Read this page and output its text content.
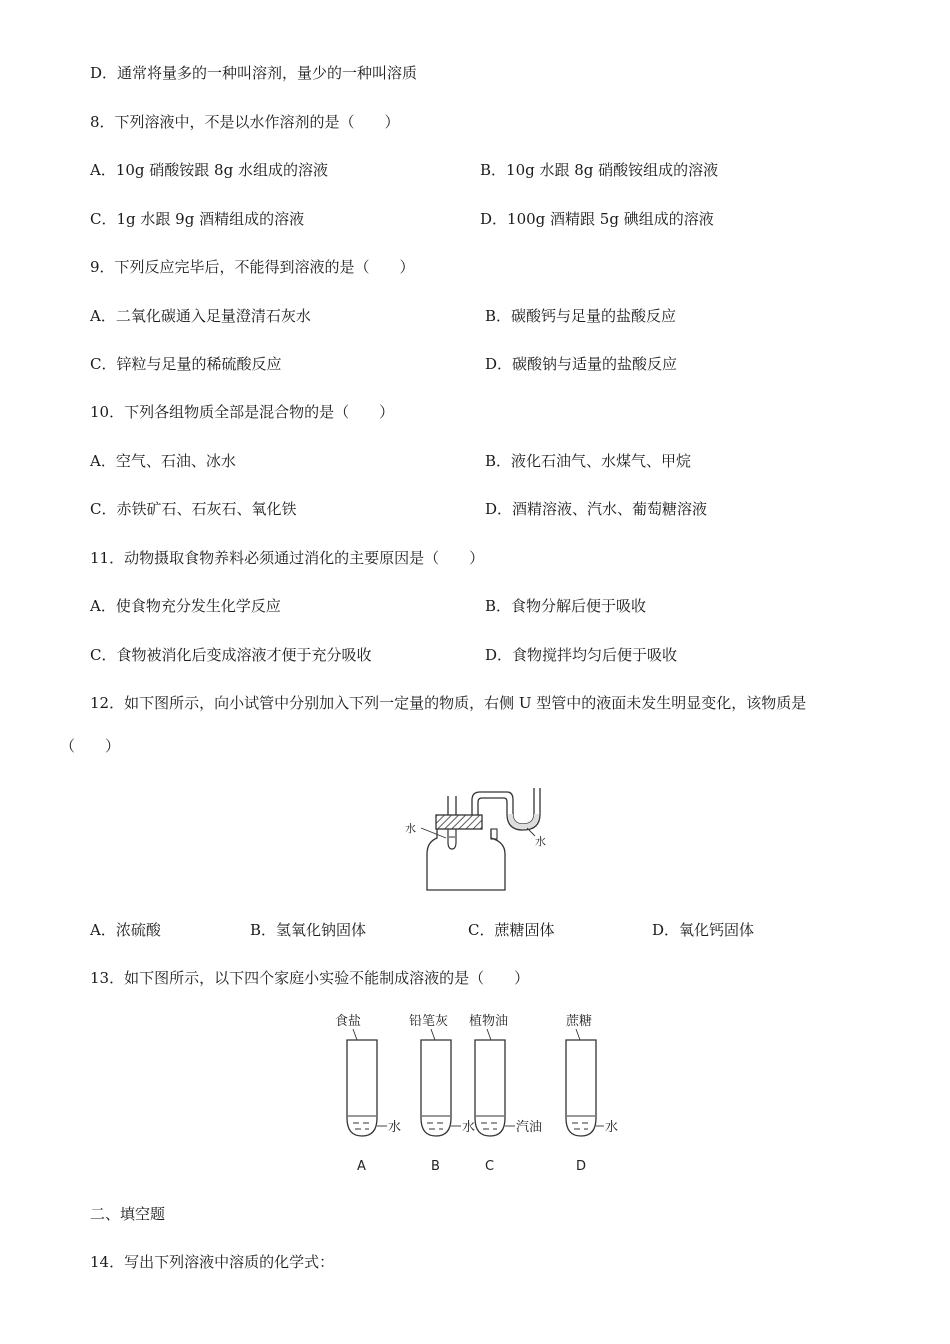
D．通常将量多的一种叫溶剂，量少的一种叫溶质
8．下列溶液中，不是以水作溶剂的是（　　）
A．10g 硝酸铵跟 8g 水组成的溶液	B．10g 水跟 8g 硝酸铵组成的溶液
C．1g 水跟 9g 酒精组成的溶液	D．100g 酒精跟 5g 碘组成的溶液
9．下列反应完毕后，不能得到溶液的是（　　）
A．二氧化碳通入足量澄清石灰水	B．碳酸钙与足量的盐酸反应
C．锌粒与足量的稀硫酸反应	D．碳酸钠与适量的盐酸反应
10．下列各组物质全部是混合物的是（　　）
A．空气、石油、冰水	B．液化石油气、水煤气、甲烷
C．赤铁矿石、石灰石、氧化铁	D．酒精溶液、汽水、葡萄糖溶液
11．动物摄取食物养料必须通过消化的主要原因是（　　）
A．使食物充分发生化学反应	B．食物分解后便于吸收
C．食物被消化后变成溶液才便于充分吸收	D．食物搅拌均匀后便于吸收
12．如下图所示，向小试管中分别加入下列一定量的物质，右侧 U 型管中的液面未发生明显变化，该物质是
（　　）
水
水
A．浓硫酸	B．氢氧化钠固体	C．蔗糖固体	D．氧化钙固体
13．如下图所示，以下四个家庭小实验不能制成溶液的是（　　）
食盐
水
A
铅笔灰
水
B
植物油
汽油
C
蔗糖
水
D
二、填空题
14．写出下列溶液中溶质的化学式：
